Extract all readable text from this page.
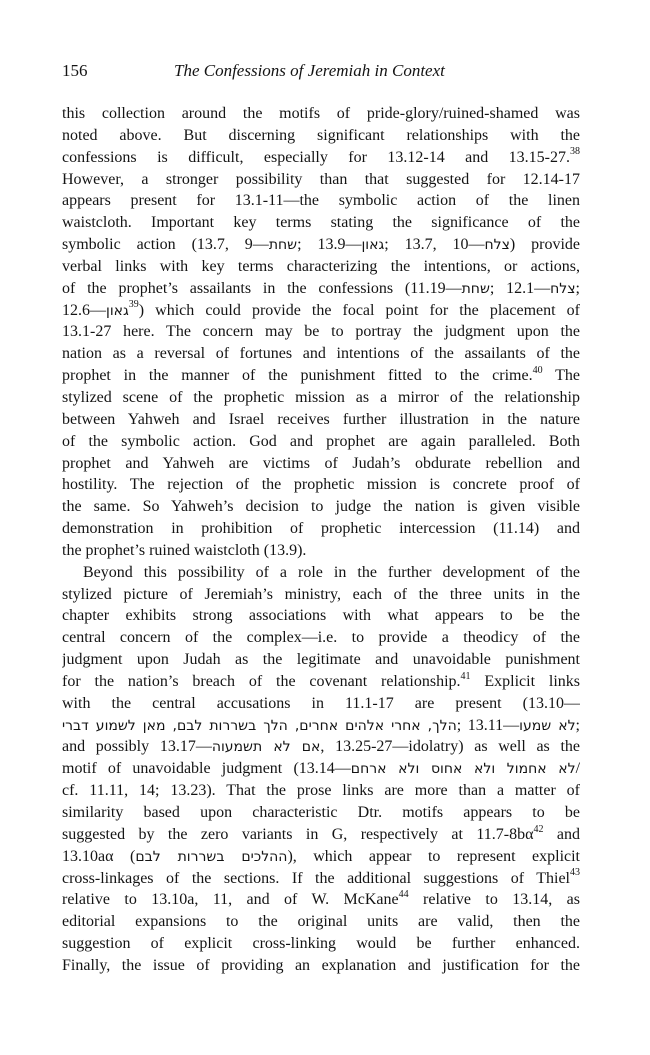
156	The Confessions of Jeremiah in Context
this collection around the motifs of pride-glory/ruined-shamed was
noted above. But discerning significant relationships with the
confessions is difficult, especially for 13.12-14 and 13.15-27.38
However, a stronger possibility than that suggested for 12.14-17
appears present for 13.1-11—the symbolic action of the linen
waistcloth. Important key terms stating the significance of the
symbolic action (13.7, 9—שחת; 13.9—גאון; 13.7, 10—צלח) provide
verbal links with key terms characterizing the intentions, or actions,
of the prophet’s assailants in the confessions (11.19—שחת; 12.1—צלח;
12.6—גאון$^{39}$) which could provide the focal point for the placement of
13.1-27 here. The concern may be to portray the judgment upon the
nation as a reversal of fortunes and intentions of the assailants of the
prophet in the manner of the punishment fitted to the crime.$^{40}$ The
stylized scene of the prophetic mission as a mirror of the relationship
between Yahweh and Israel receives further illustration in the nature
of the symbolic action. God and prophet are again paralleled. Both
prophet and Yahweh are victims of Judah’s obdurate rebellion and
hostility. The rejection of the prophetic mission is concrete proof of
the same. So Yahweh’s decision to judge the nation is given visible
demonstration in prohibition of prophetic intercession (11.14) and
the prophet’s ruined waistcloth (13.9).
Beyond this possibility of a role in the further development of the
stylized picture of Jeremiah’s ministry, each of the three units in the
chapter exhibits strong associations with what appears to be the
central concern of the complex—i.e. to provide a theodicy of the
judgment upon Judah as the legitimate and unavoidable punishment
for the nation’s breach of the covenant relationship.$^{41}$ Explicit links
with the central accusations in 11.1-17 are present (13.10—
הלך, אחרי אלהים אחרים, הלך בשררות לבם, מאן לשמוע דברי; 13.11—לא שמעו;
and possibly 13.17—אם לא תשמעוה, 13.25-27—idolatry) as well as the
motif of unavoidable judgment (13.14—לא אחמול ולא אחוס ולא ארחם/
cf. 11.11, 14; 13.23). That the prose links are more than a matter of
similarity based upon characteristic Dtr. motifs appears to be
suggested by the zero variants in G, respectively at $11.7-8b\alpha^{42}$ and
13.10aα (ההלכים בשררות לבם), which appear to represent explicit
cross-linkages of the sections. If the additional suggestions of Thiel$^{43}$
relative to 13.10a, 11, and of W. McKane$^{44}$ relative to 13.14, as
editorial expansions to the original units are valid, then the
suggestion of explicit cross-linking would be further enhanced.
Finally, the issue of providing an explanation and justification for the
